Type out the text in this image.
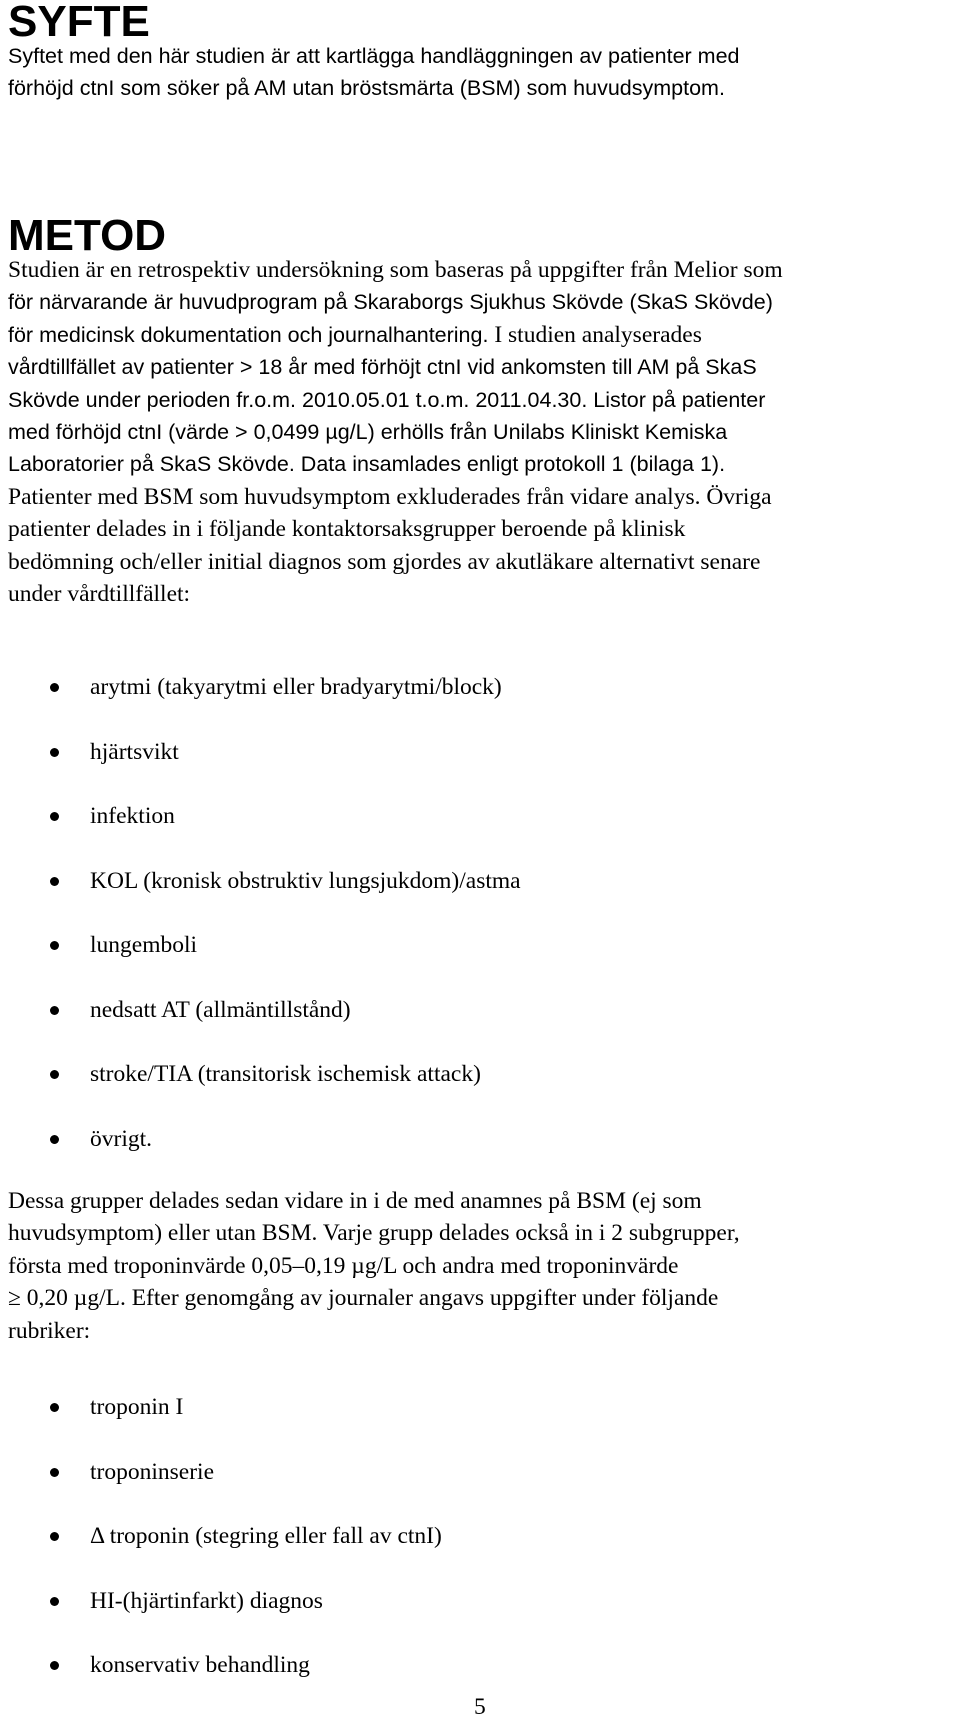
SYFTE
Syftet med den här studien är att kartlägga handläggningen av patienter med
förhöjd ctnI som söker på AM utan bröstsmärta (BSM) som huvudsymptom.
METOD
Studien är en retrospektiv undersökning som baseras på uppgifter från Melior som
för närvarande är huvudprogram på Skaraborgs Sjukhus Skövde (SkaS Skövde)
för medicinsk dokumentation och journalhantering. I studien analyserades
vårdtillfället av patienter > 18 år med förhöjt ctnI vid ankomsten till AM på SkaS
Skövde under perioden fr.o.m. 2010.05.01 t.o.m. 2011.04.30. Listor på patienter
med förhöjd ctnI (värde > 0,0499 µg/L) erhölls från Unilabs Kliniskt Kemiska
Laboratorier på SkaS Skövde. Data insamlades enligt protokoll 1 (bilaga 1).
Patienter med BSM som huvudsymptom exkluderades från vidare analys. Övriga
patienter delades in i följande kontaktorsaksgrupper beroende på klinisk
bedömning och/eller initial diagnos som gjordes av akutläkare alternativt senare
under vårdtillfället:
arytmi (takyarytmi eller bradyarytmi/block)
hjärtsvikt
infektion
KOL (kronisk obstruktiv lungsjukdom)/astma
lungemboli
nedsatt AT (allmäntillstånd)
stroke/TIA (transitorisk ischemisk attack)
övrigt.
Dessa grupper delades sedan vidare in i de med anamnes på BSM (ej som
huvudsymptom) eller utan BSM. Varje grupp delades också in i 2 subgrupper,
första med troponinvärde 0,05–0,19 µg/L och andra med troponinvärde
≥ 0,20 µg/L. Efter genomgång av journaler angavs uppgifter under följande
rubriker:
troponin I
troponinserie
Δ troponin (stegring eller fall av ctnI)
HI-(hjärtinfarkt) diagnos
konservativ behandling
5
